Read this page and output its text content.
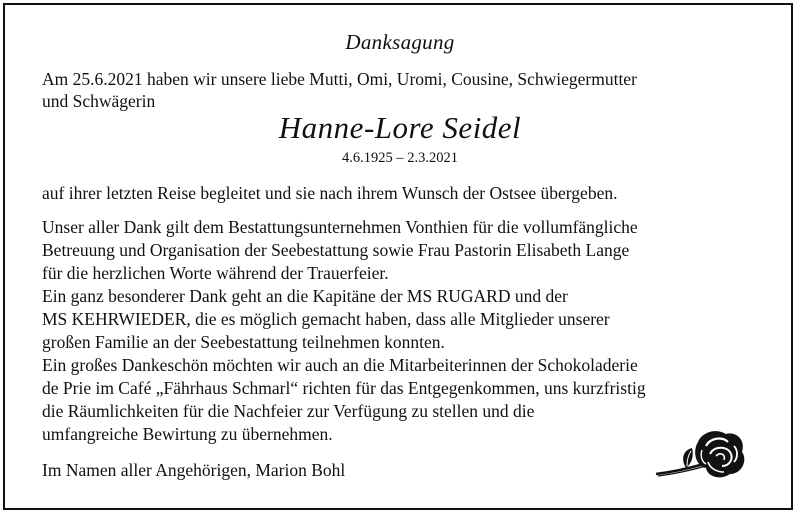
Danksagung
Am 25.6.2021 haben wir unsere liebe Mutti, Omi, Uromi, Cousine, Schwiegermutter
und Schwägerin
Hanne-Lore Seidel
4.6.1925 – 2.3.2021
auf ihrer letzten Reise begleitet und sie nach ihrem Wunsch der Ostsee übergeben.
Unser aller Dank gilt dem Bestattungsunternehmen Vonthien für die vollumfängliche
Betreuung und Organisation der Seebestattung sowie Frau Pastorin Elisabeth Lange
für die herzlichen Worte während der Trauerfeier.
Ein ganz besonderer Dank geht an die Kapitäne der MS RUGARD und der
MS KEHRWIEDER, die es möglich gemacht haben, dass alle Mitglieder unserer
großen Familie an der Seebestattung teilnehmen konnten.
Ein großes Dankeschön möchten wir auch an die Mitarbeiterinnen der Schokoladerie
de Prie im Café „Fährhaus Schmarl“ richten für das Entgegenkommen, uns kurzfristig
die Räumlichkeiten für die Nachfeier zur Verfügung zu stellen und die
umfangreiche Bewirtung zu übernehmen.
Im Namen aller Angehörigen, Marion Bohl
